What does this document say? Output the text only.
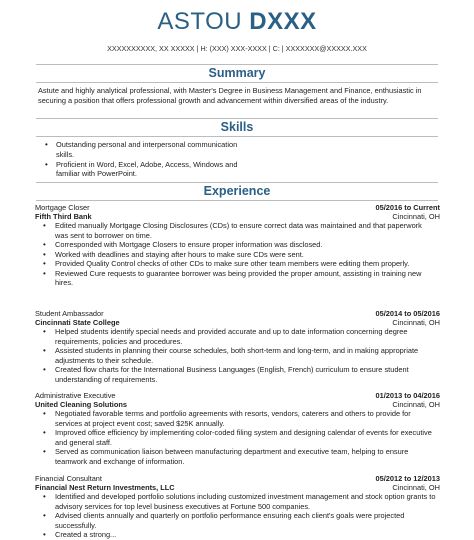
ASTOU DXXX
XXXXXXXXXX, XX XXXXX | H: (XXX) XXX-XXXX | C: | XXXXXXX@XXXXX.XXX
Summary
Astute and highly analytical professional, with Master's Degree in Business Management and Finance, enthusiastic in securing a position that offers professional growth and advancement within diversified areas of the industry.
Skills
• Outstanding personal and interpersonal communication skills.
• Proficient in Word, Excel, Adobe, Access, Windows and familiar with PowerPoint.
Experience
Mortgage Closer	05/2016 to Current
Fifth Third Bank	Cincinnati, OH
• Edited manually Mortgage Closing Disclosures (CDs) to ensure correct data was maintained and that paperwork was sent to borrower on time.
• Corresponded with Mortgage Closers to ensure proper information was disclosed.
• Worked with deadlines and staying after hours to make sure CDs were sent.
• Provided Quality Control checks of other CDs to make sure other team members were editing them properly.
• Reviewed Cure requests to guarantee borrower was being provided the proper amount, assisting in training new hires.
Student Ambassador	05/2014 to 05/2016
Cincinnati State College	Cincinnati, OH
• Helped students identify special needs and provided accurate and up to date information concerning degree requirements, policies and procedures.
• Assisted students in planning their course schedules, both short-term and long-term, and in making appropriate adjustments to their schedule.
• Created flow charts for the International Business Languages (English, French) curriculum to ensure student understanding of requirements.
Administrative Executive	01/2013 to 04/2016
United Cleaning Solutions	Cincinnati, OH
• Negotiated favorable terms and portfolio agreements with resorts, vendors, caterers and others to provide for services at project event cost; saved $25K annually.
• Improved office efficiency by implementing color-coded filing system and designing calendar of events for executive and general staff.
• Served as communication liaison between manufacturing department and executive team, helping to ensure teamwork and exchange of information.
Financial Consultant	05/2012 to 12/2013
Financial Nest Return Investments, LLC	Cincinnati, OH
• Identified and developed portfolio solutions including customized investment management and stock option grants to advisory services for top level business executives at Fortune 500 companies.
• Advised clients annually and quarterly on portfolio performance ensuring each client's goals were projected successfully.
• Created a strong...
